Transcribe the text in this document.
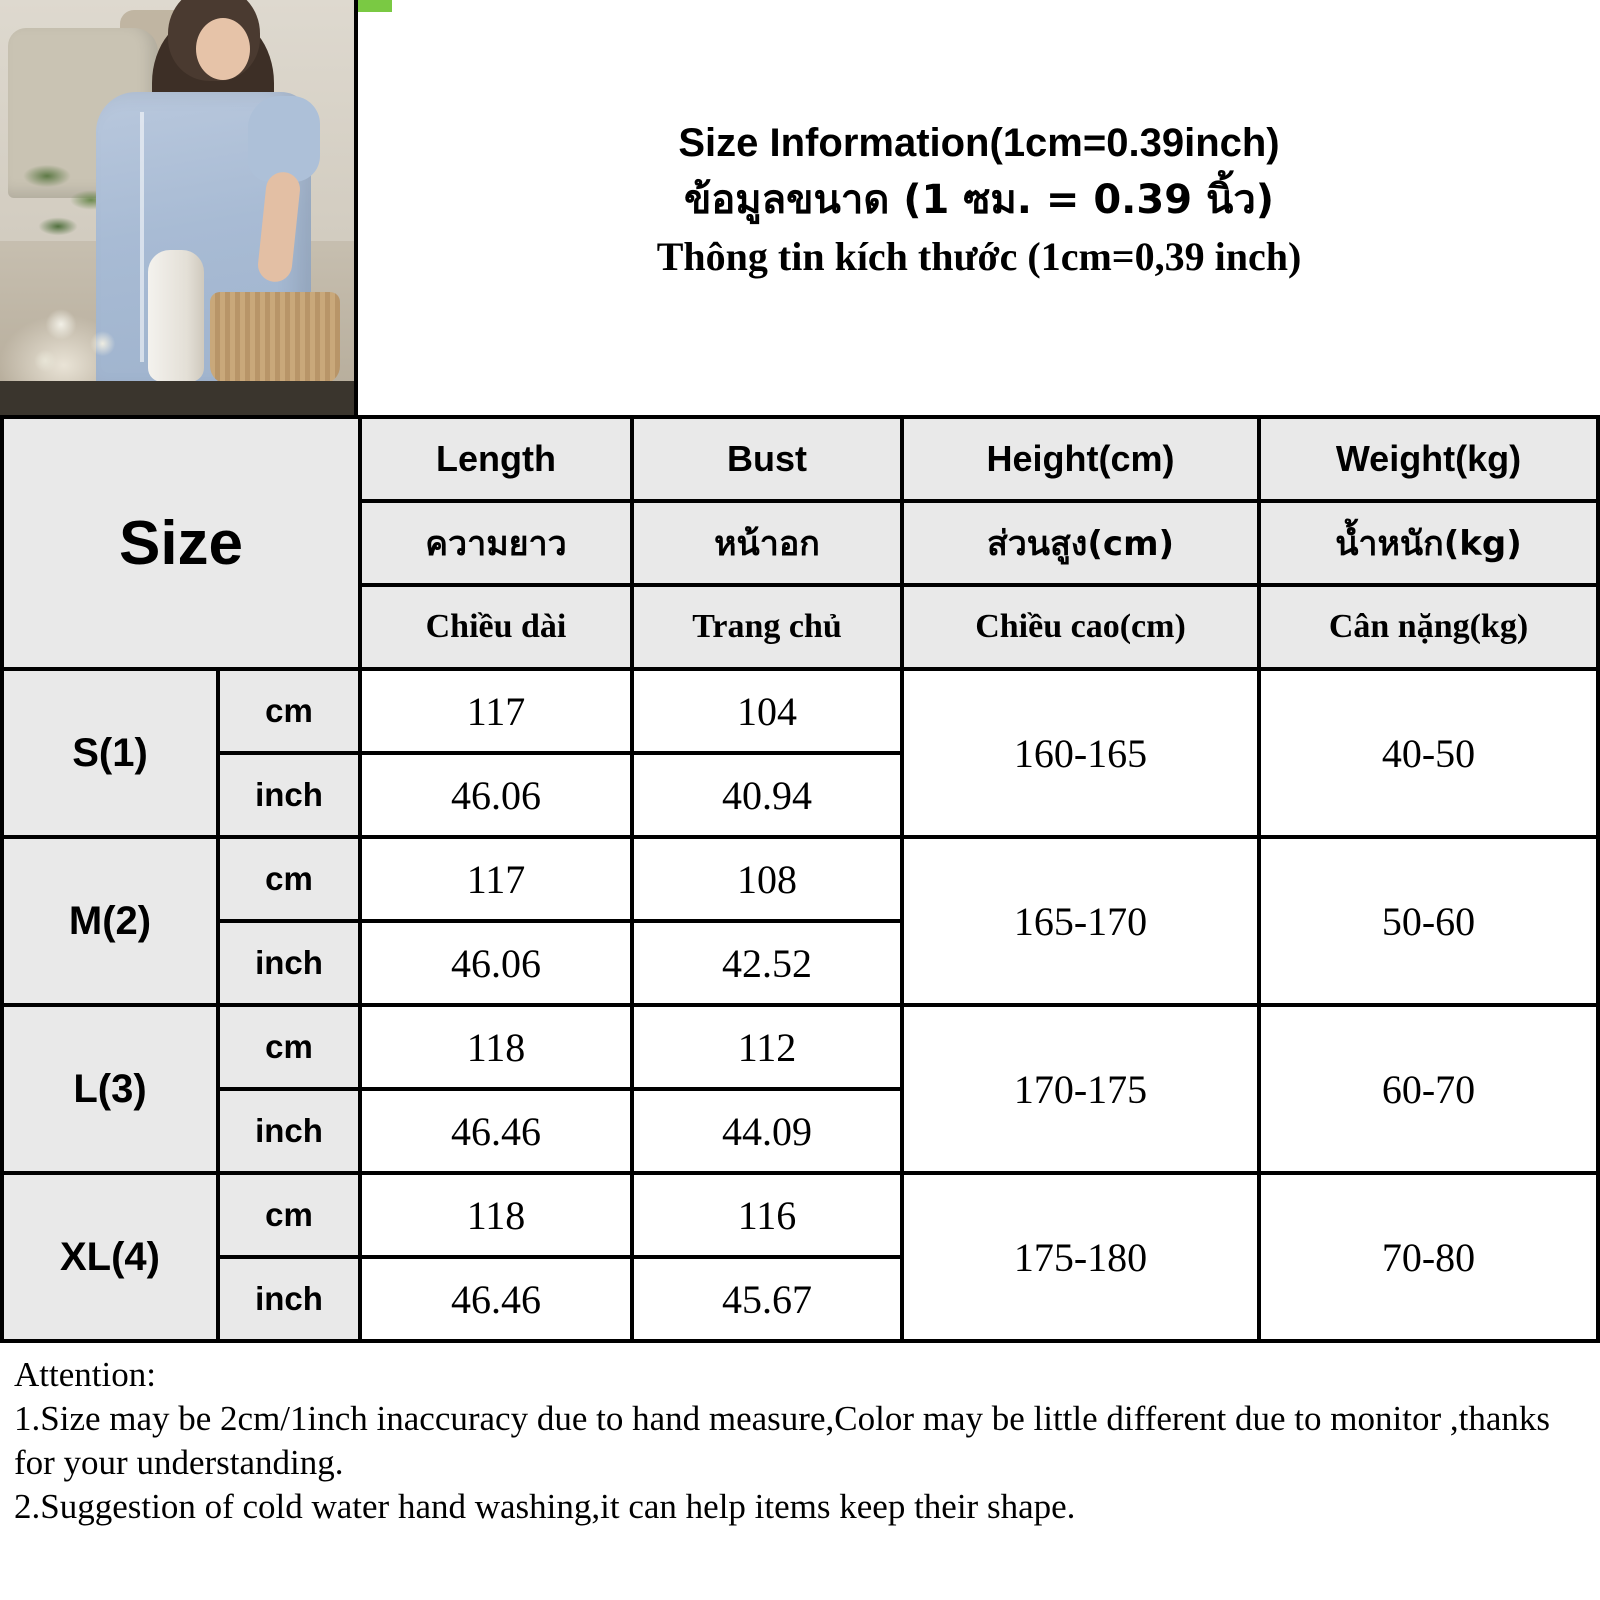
Size Information(1cm=0.39inch)
ข้อมูลขนาด (1 ซม. = 0.39 นิ้ว)
Thông tin kích thước (1cm=0,39 inch)
Size		Length	Bust	Height(cm)	Weight(kg)
		ความยาว	หน้าอก	ส่วนสูง(cm)	น้ำหนัก(kg)
		Chiều dài	Trang chủ	Chiều cao(cm)	Cân nặng(kg)
S(1)	cm	117	104	160-165	40-50
	inch	46.06	40.94		
M(2)	cm	117	108	165-170	50-60
	inch	46.06	42.52		
L(3)	cm	118	112	170-175	60-70
	inch	46.46	44.09		
XL(4)	cm	118	116	175-180	70-80
	inch	46.46	45.67		
Attention:
1.Size may be 2cm/1inch inaccuracy due to hand measure,Color may be little different due to monitor ,thanks for your understanding.
2.Suggestion of cold water hand washing,it can help items keep their shape.
